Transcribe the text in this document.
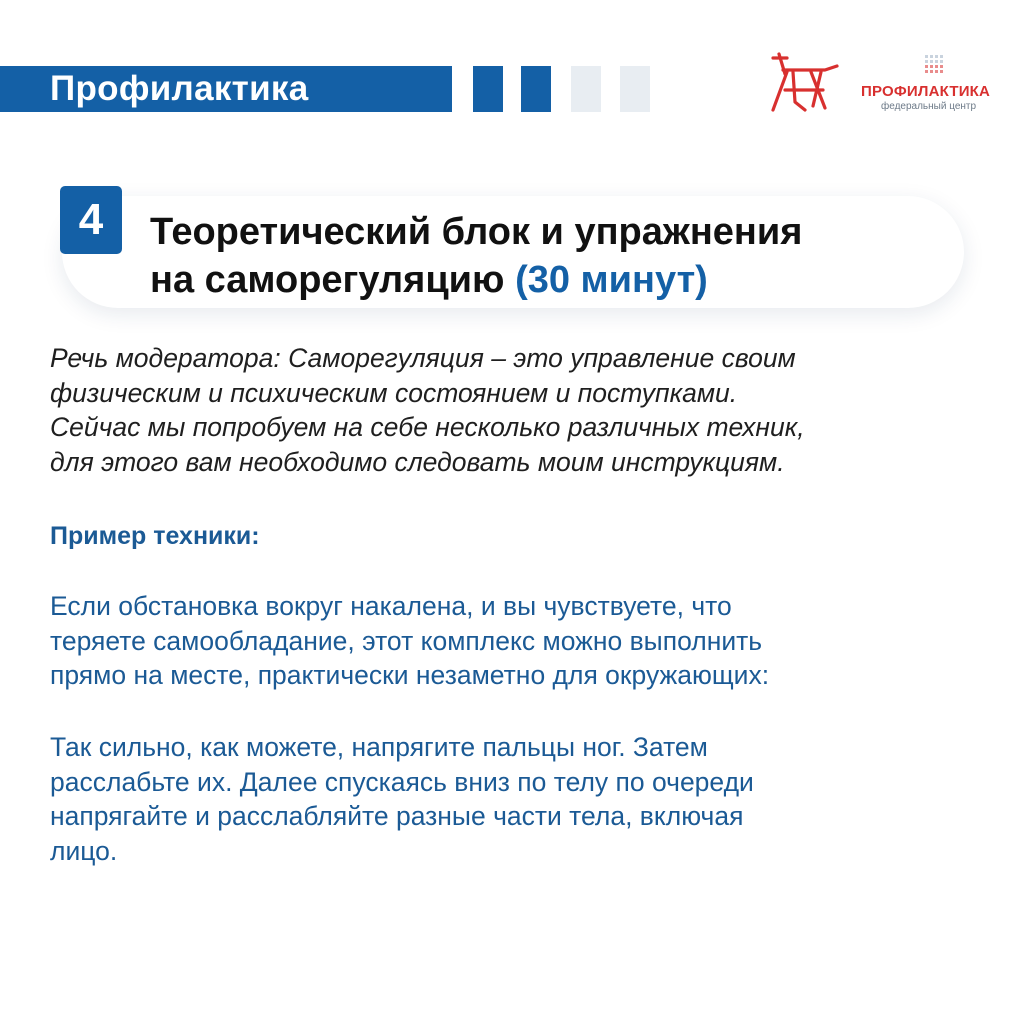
Профилактика	ПРОФИЛАКТИКА
федеральный центр
4	Теоретический блок и упражнения
на саморегуляцию (30 минут)

Речь модератора: Саморегуляция – это управление своим
физическим и психическим состоянием и поступками.
Сейчас мы попробуем на себе несколько различных техник,
для этого вам необходимо следовать моим инструкциям.

Пример техники:

Если обстановка вокруг накалена, и вы чувствуете, что
теряете самообладание, этот комплекс можно выполнить
прямо на месте, практически незаметно для окружающих:

Так сильно, как можете, напрягите пальцы ног. Затем
расслабьте их. Далее спускаясь вниз по телу по очереди
напрягайте и расслабляйте разные части тела, включая
лицо.
